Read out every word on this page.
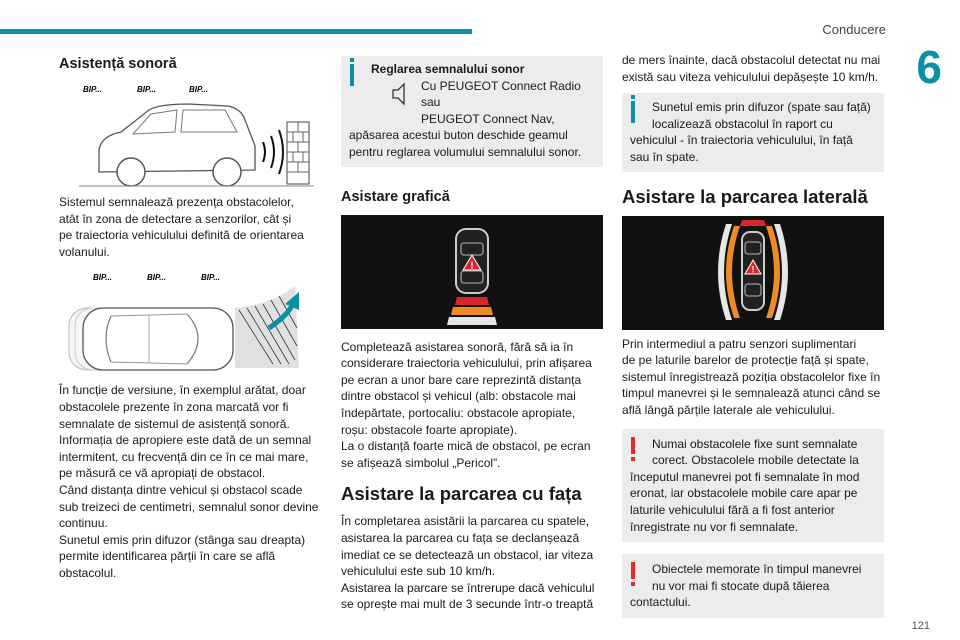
Conducere
6
Asistență sonoră
BIP...	BIP...	BIP...
Sistemul semnalează prezența obstacolelor,
atât în zona de detectare a senzorilor, cât și
pe traiectoria vehiculului definită de orientarea
volanului.
BIP...	BIP...	BIP...
În funcție de versiune, în exemplul arătat, doar
obstacolele prezente în zona marcată vor fi
semnalate de sistemul de asistență sonoră.
Informația de apropiere este dată de un semnal
intermitent, cu frecvență din ce în ce mai mare,
pe măsură ce vă apropiați de obstacol.
Când distanța dintre vehicul și obstacol scade
sub treizeci de centimetri, semnalul sonor devine
continuu.
Sunetul emis prin difuzor (stânga sau dreapta)
permite identificarea părții în care se află
obstacolul.
Reglarea semnalului sonor
Cu PEUGEOT Connect Radio sau
PEUGEOT Connect Nav,
apăsarea acestui buton deschide geamul
pentru reglarea volumului semnalului sonor.
Asistare grafică
!
Completează asistarea sonoră, fără să ia în
considerare traiectoria vehiculului, prin afișarea
pe ecran a unor bare care reprezintă distanța
dintre obstacol și vehicul (alb: obstacole mai
îndepărtate, portocaliu: obstacole apropiate,
roșu: obstacole foarte apropiate).
La o distanță foarte mică de obstacol, pe ecran
se afișează simbolul „Pericol”.
Asistare la parcarea cu fața
În completarea asistării la parcarea cu spatele,
asistarea la parcarea cu fața se declanșează
imediat ce se detectează un obstacol, iar viteza
vehiculului este sub 10 km/h.
Asistarea la parcare se întrerupe dacă vehiculul
se oprește mai mult de 3 secunde într-o treaptă
de mers înainte, dacă obstacolul detectat nu mai
există sau viteza vehiculului depășește 10 km/h.
Sunetul emis prin difuzor (spate sau față)
localizează obstacolul în raport cu
vehiculul - în traiectoria vehiculului, în față
sau în spate.
Asistare la parcarea laterală
!
Prin intermediul a patru senzori suplimentari
de pe laturile barelor de protecție față și spate,
sistemul înregistrează poziția obstacolelor fixe în
timpul manevrei și le semnalează atunci când se
află lângă părțile laterale ale vehiculului.
Numai obstacolele fixe sunt semnalate
corect. Obstacolele mobile detectate la
începutul manevrei pot fi semnalate în mod
eronat, iar obstacolele mobile care apar pe
laturile vehiculului fără a fi fost anterior
înregistrate nu vor fi semnalate.
Obiectele memorate în timpul manevrei
nu vor mai fi stocate după tăierea
contactului.
121
